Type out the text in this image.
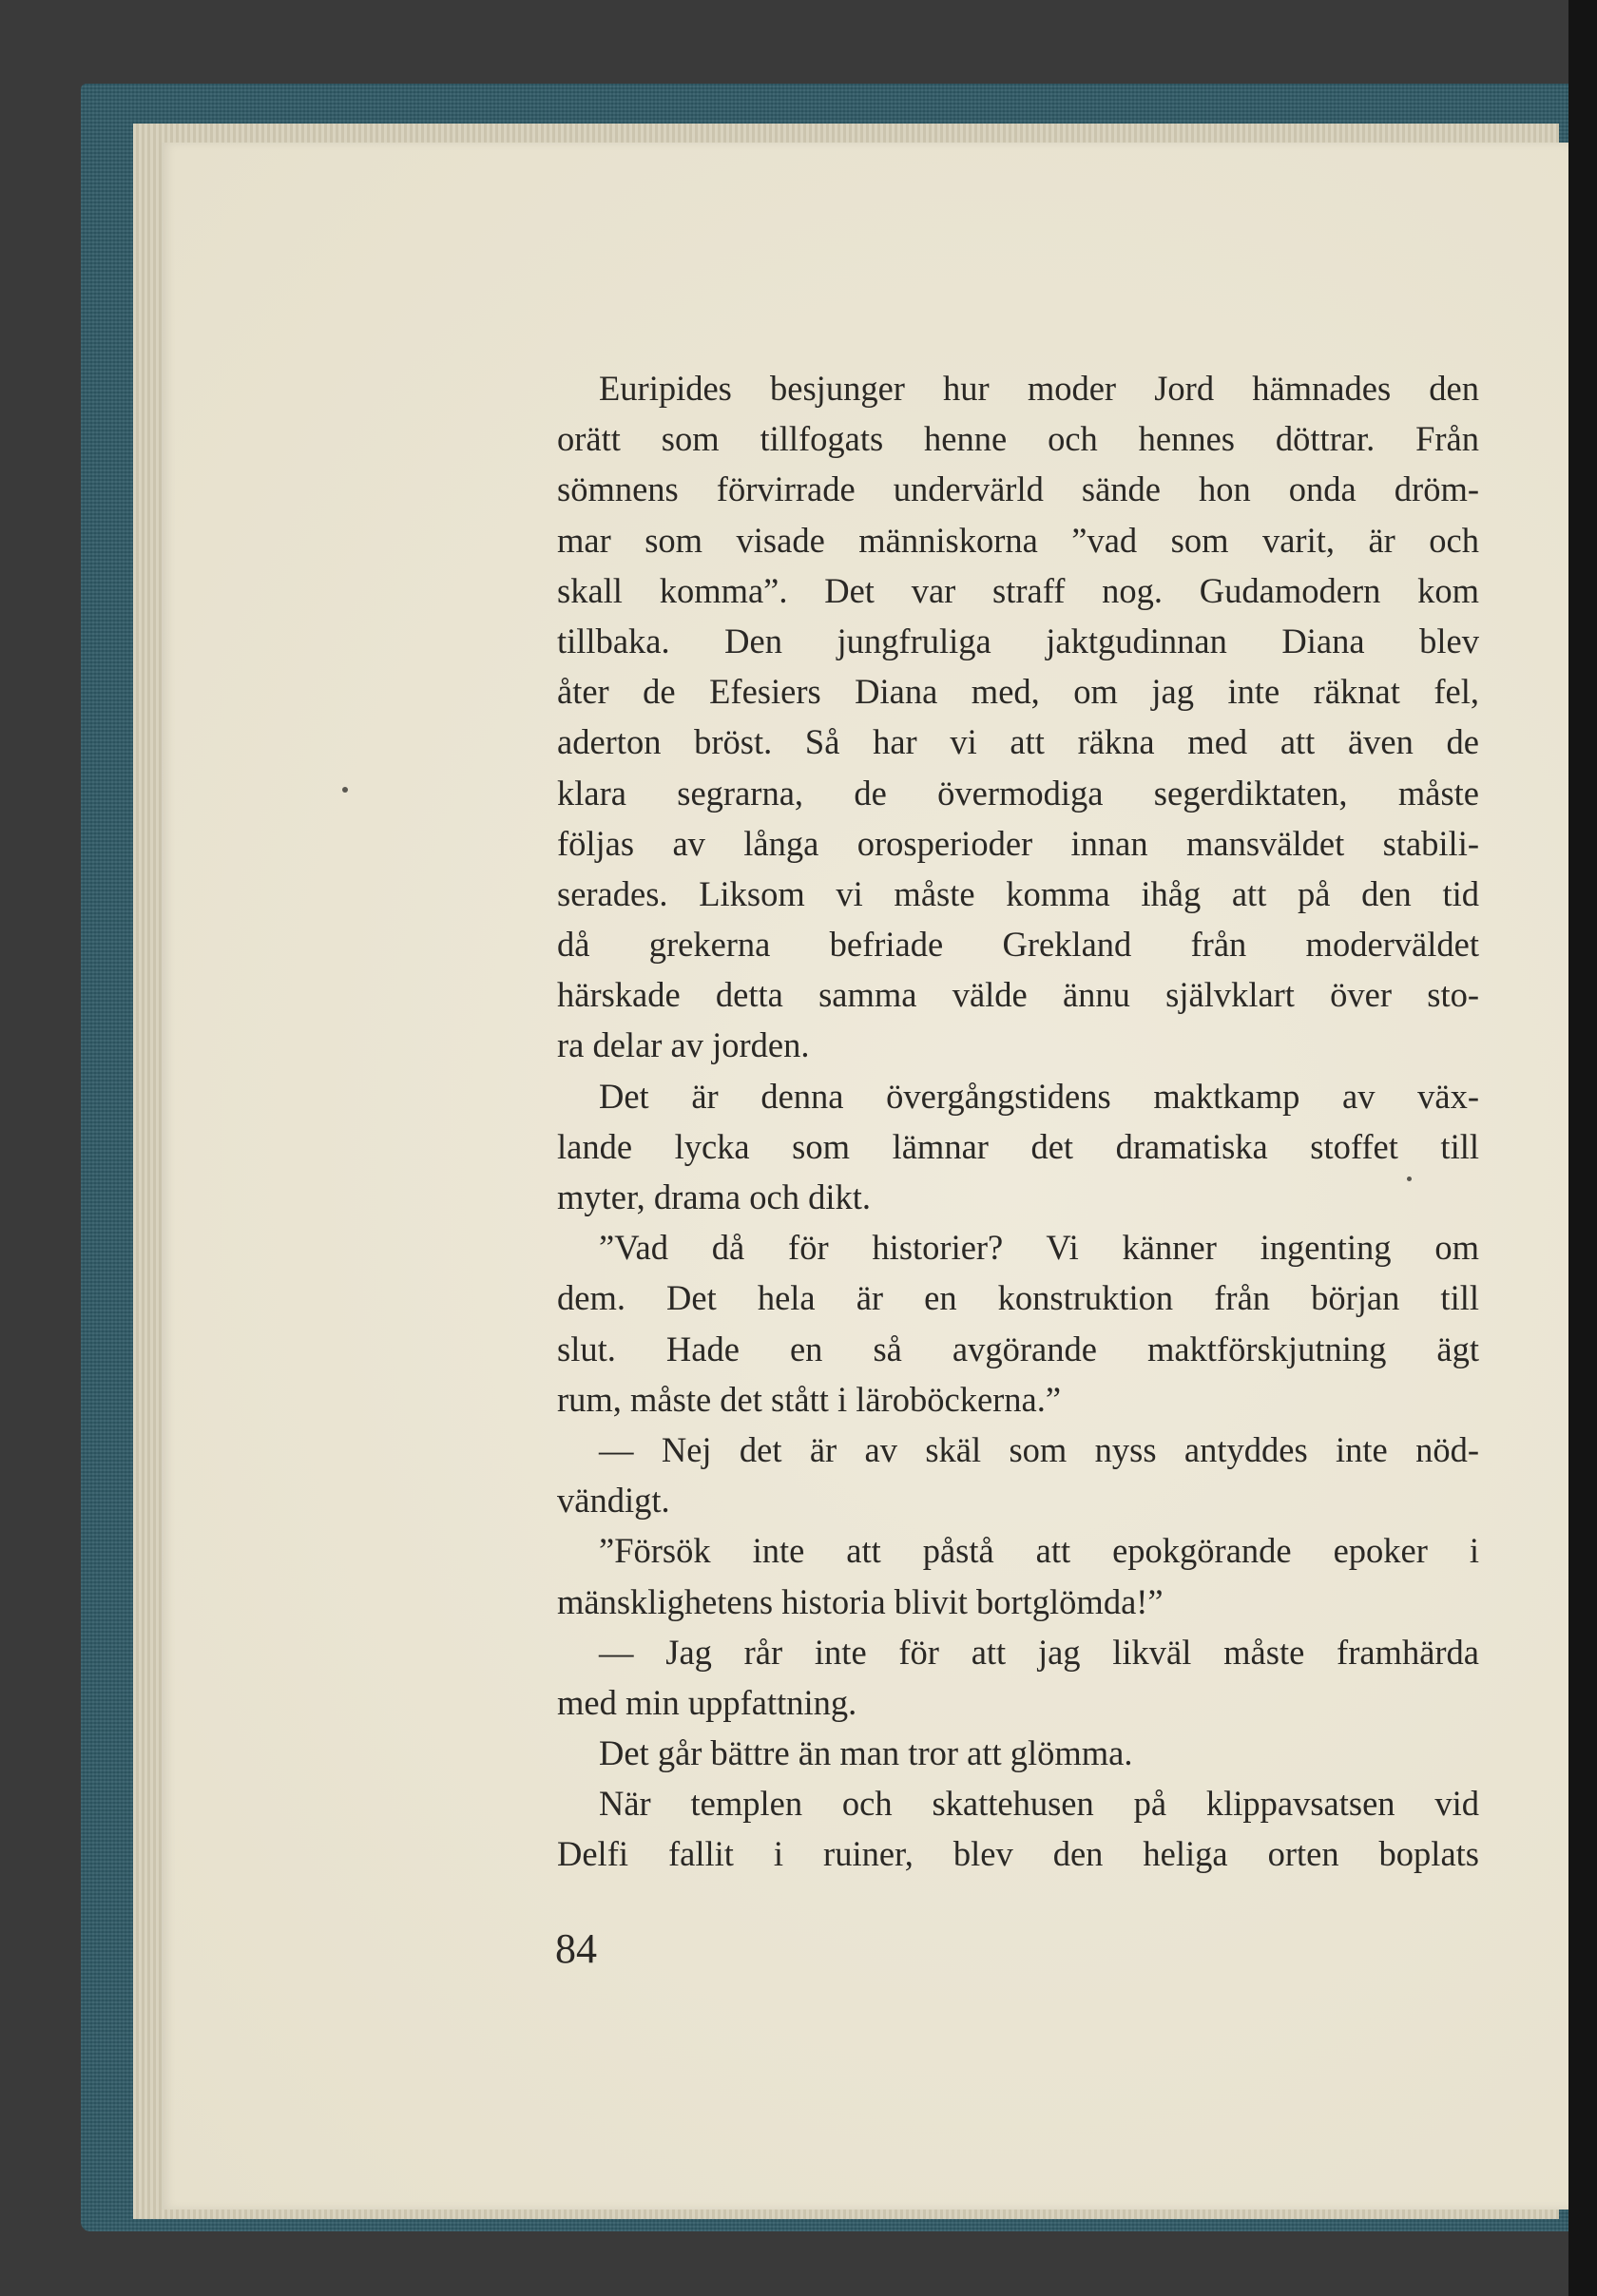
Euripides besjunger hur moder Jord hämnades den
orätt som tillfogats henne och hennes döttrar. Från
sömnens förvirrade undervärld sände hon onda dröm-
mar som visade människorna ”vad som varit, är och
skall komma”. Det var straff nog. Gudamodern kom
tillbaka. Den jungfruliga jaktgudinnan Diana blev
åter de Efesiers Diana med, om jag inte räknat fel,
aderton bröst. Så har vi att räkna med att även de
klara segrarna, de övermodiga segerdiktaten, måste
följas av långa orosperioder innan mansväldet stabili-
serades. Liksom vi måste komma ihåg att på den tid
då grekerna befriade Grekland från moderväldet
härskade detta samma välde ännu självklart över sto-
ra delar av jorden.
Det är denna övergångstidens maktkamp av väx-
lande lycka som lämnar det dramatiska stoffet till
myter, drama och dikt.
”Vad då för historier? Vi känner ingenting om
dem. Det hela är en konstruktion från början till
slut. Hade en så avgörande maktförskjutning ägt
rum, måste det stått i läroböckerna.”
— Nej det är av skäl som nyss antyddes inte nöd-
vändigt.
”Försök inte att påstå att epokgörande epoker i
mänsklighetens historia blivit bortglömda!”
— Jag rår inte för att jag likväl måste framhärda
med min uppfattning.
Det går bättre än man tror att glömma.
När templen och skattehusen på klippavsatsen vid
Delfi fallit i ruiner, blev den heliga orten boplats
84
